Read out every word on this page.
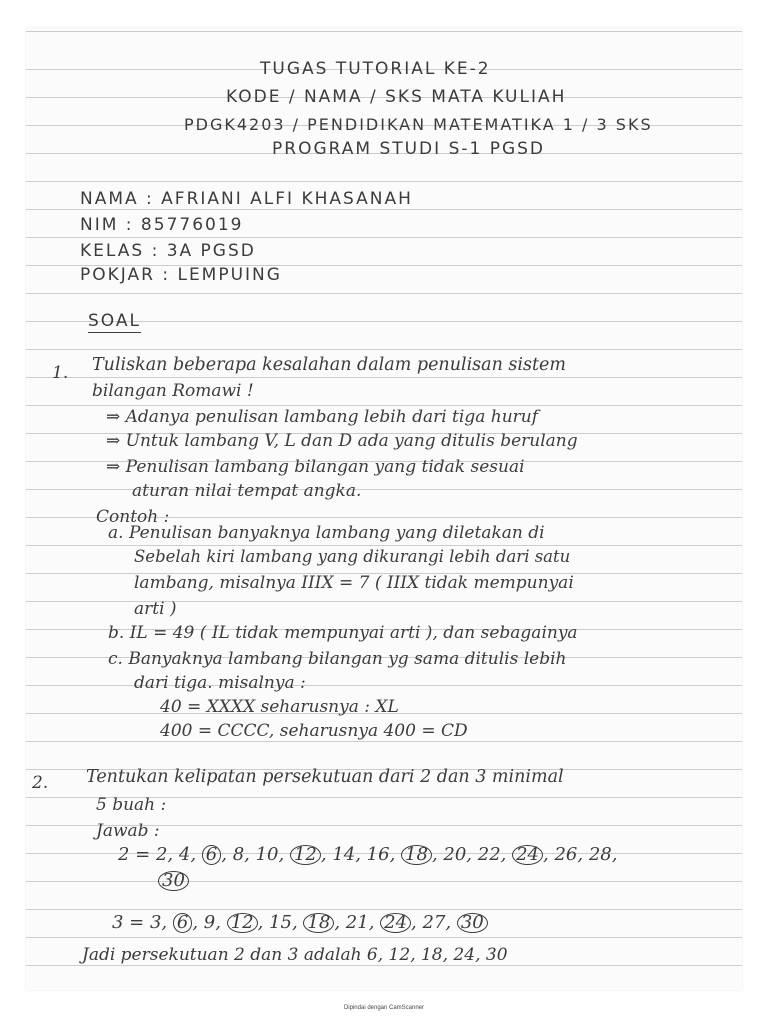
TUGAS TUTORIAL KE-2

KODE / NAMA / SKS MATA KULIAH

PDGK4203 / PENDIDIKAN MATEMATIKA 1 / 3 SKS

PROGRAM STUDI S-1 PGSD

NAMA : AFRIANI ALFI KHASANAH

NIM : 85776019

KELAS : 3A PGSD

POKJAR : LEMPUING

SOAL

1. Tuliskan beberapa kesalahan dalam penulisan sistem

bilangan Romawi !

⇒ Adanya penulisan lambang lebih dari tiga huruf

⇒ Untuk lambang V, L dan D ada yang ditulis berulang

⇒ Penulisan lambang bilangan yang tidak sesuai

aturan nilai tempat angka.

Contoh :

a. Penulisan banyaknya lambang yang diletakan di

Sebelah kiri lambang yang dikurangi lebih dari satu

lambang, misalnya IIIX = 7 ( IIIX tidak mempunyai

arti )

b. IL = 49 ( IL tidak mempunyai arti ), dan sebagainya

c. Banyaknya lambang bilangan yg sama ditulis lebih

dari tiga. misalnya :

40 = XXXX seharusnya : XL

400 = CCCC, seharusnya 400 = CD

2. Tentukan kelipatan persekutuan dari 2 dan 3 minimal

5 buah :

Jawab :

2 = 2, 4, 6 , 8, 10, 12 , 14, 16, 18 , 20, 22, 24 , 26, 28,

30

3 = 3, 6 , 9, 12 , 15, 18 , 21, 24 , 27, 30

Jadi persekutuan 2 dan 3 adalah 6, 12, 18, 24, 30

Dipindai dengan CamScanner
